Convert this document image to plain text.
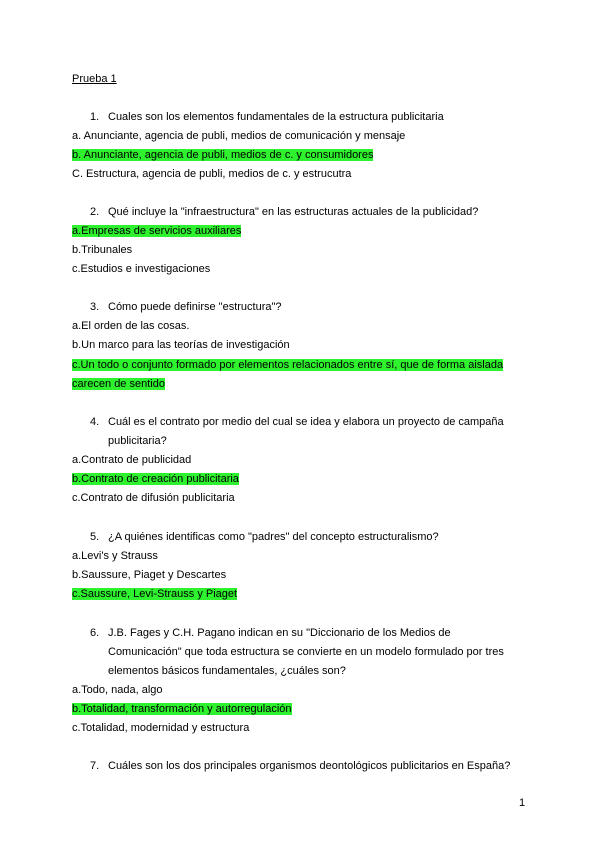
Prueba 1
1. Cuales son los elementos fundamentales de la estructura publicitaria
a. Anunciante, agencia de publi, medios de comunicación y mensaje
b. Anunciante, agencia de publi, medios de c. y consumidores
C. Estructura, agencia de publi, medios de c. y estrucutra
2. Qué incluye la "infraestructura" en las estructuras actuales de la publicidad?
a.Empresas de servicios auxiliares
b.Tribunales
c.Estudios e investigaciones
3. Cómo puede definirse "estructura"?
a.El orden de las cosas.
b.Un marco para las teorías de investigación
c.Un todo o conjunto formado por elementos relacionados entre sí, que de forma aislada
carecen de sentido
4. Cuál es el contrato por medio del cual se idea y elabora un proyecto de campaña
publicitaria?
a.Contrato de publicidad
b.Contrato de creación publicitaria
c.Contrato de difusión publicitaria
5. ¿A quiénes identificas como "padres" del concepto estructuralismo?
a.Levi's y Strauss
b.Saussure, Piaget y Descartes
c.Saussure, Levi-Strauss y Piaget
6. J.B. Fages y C.H. Pagano indican en su "Diccionario de los Medios de
Comunicación" que toda estructura se convierte en un modelo formulado por tres
elementos básicos fundamentales, ¿cuáles son?
a.Todo, nada, algo
b.Totalidad, transformación y autorregulación
c.Totalidad, modernidad y estructura
7. Cuáles son los dos principales organismos deontológicos publicitarios en España?
1
